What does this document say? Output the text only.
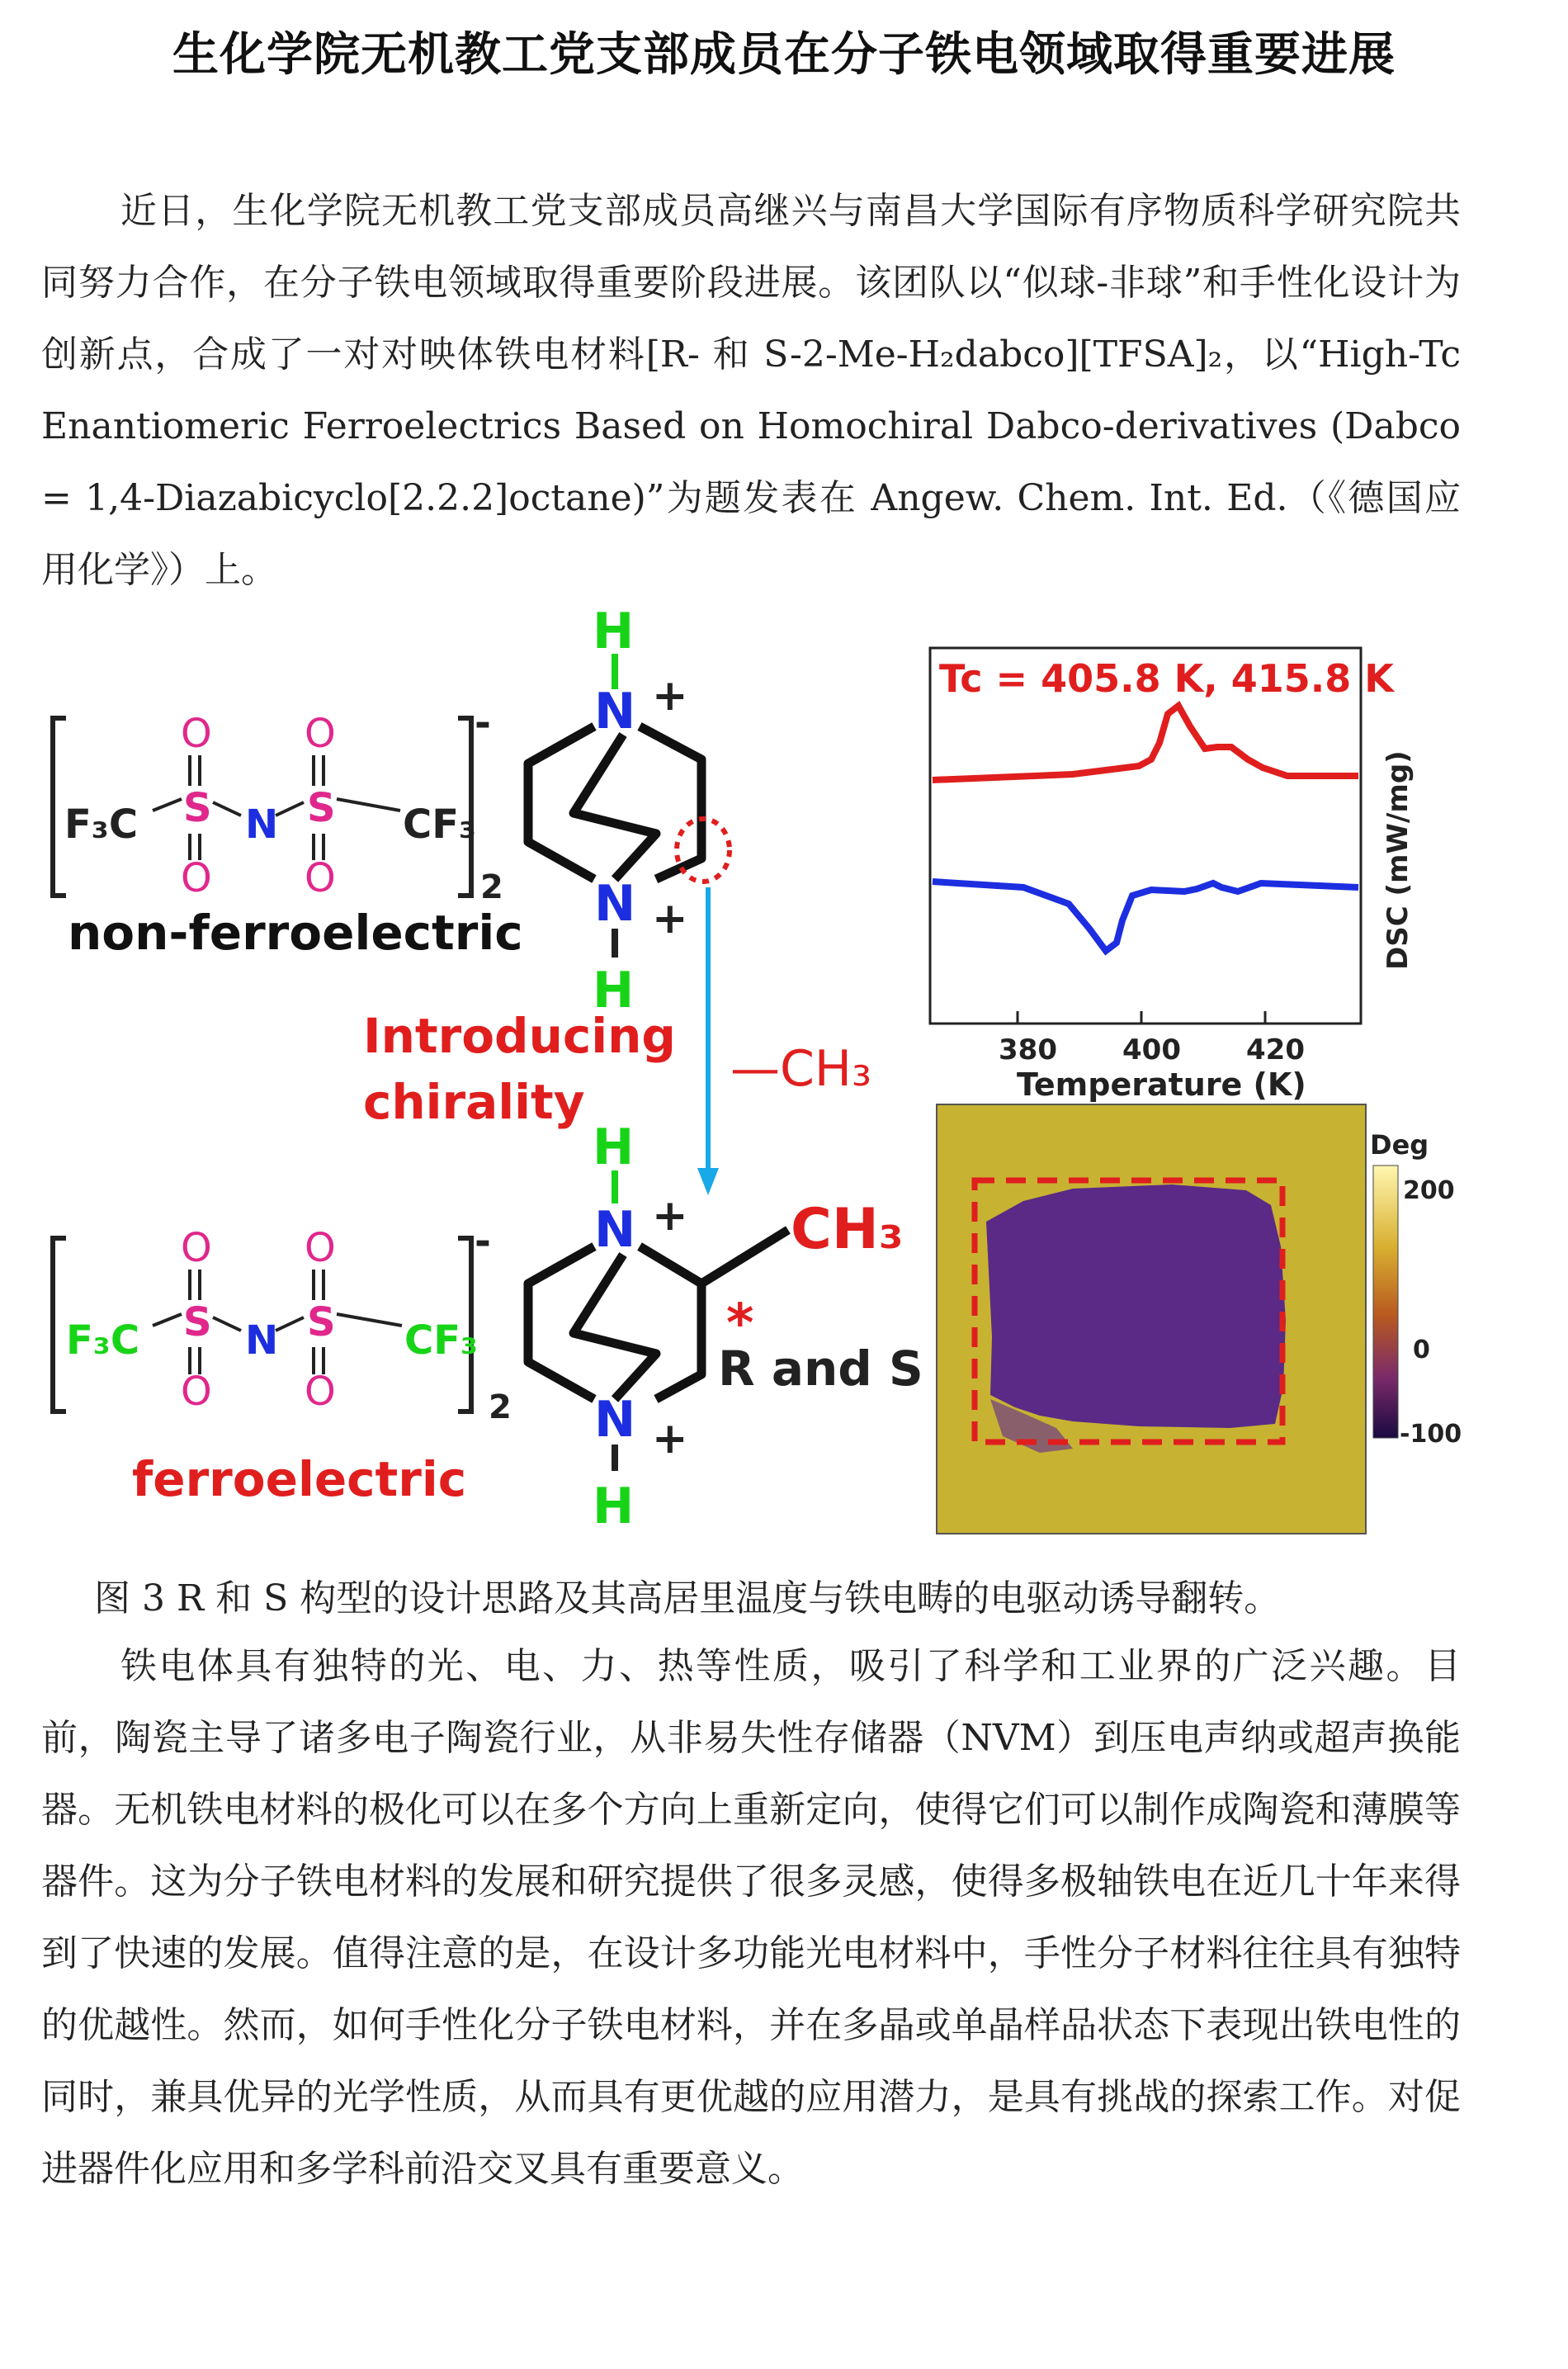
生化学院无机教工党支部成员在分子铁电领域取得重要进展

近日，生化学院无机教工党支部成员高继兴与南昌大学国际有序物质科学研究院共同努力合作，在分子铁电领域取得重要阶段进展。该团队以“似球-非球”和手性化设计为创新点，合成了一对对映体铁电材料[R- 和 S-2-Me-H₂dabco][TFSA]₂，以“High-Tc Enantiomeric Ferroelectrics Based on Homochiral Dabco-derivatives (Dabco = 1,4-Diazabicyclo[2.2.2]octane)”为题发表在 Angew. Chem. Int. Ed.（《德国应用化学》）上。

-
2
F₃C	CF₃
N
S S
O O
O O
non-ferroelectric
H
N +
N +
H
Introducing
chirality
—CH₃
-
2
F₃C	CF₃
N
S S
O O
O O
ferroelectric
H
N +
N +
H
CH₃
*
R and S
Tc = 405.8 K, 415.8 K
380 400 420
Temperature (K)
DSC (mW/mg)
Deg
200
0
-100
图 3 R 和 S 构型的设计思路及其高居里温度与铁电畴的电驱动诱导翻转。

铁电体具有独特的光、电、力、热等性质，吸引了科学和工业界的广泛兴趣。目前，陶瓷主导了诸多电子陶瓷行业，从非易失性存储器（NVM）到压电声纳或超声换能器。无机铁电材料的极化可以在多个方向上重新定向，使得它们可以制作成陶瓷和薄膜等器件。这为分子铁电材料的发展和研究提供了很多灵感，使得多极轴铁电在近几十年来得到了快速的发展。值得注意的是，在设计多功能光电材料中，手性分子材料往往具有独特的优越性。然而，如何手性化分子铁电材料，并在多晶或单晶样品状态下表现出铁电性的同时，兼具优异的光学性质，从而具有更优越的应用潜力，是具有挑战的探索工作。对促进器件化应用和多学科前沿交叉具有重要意义。
